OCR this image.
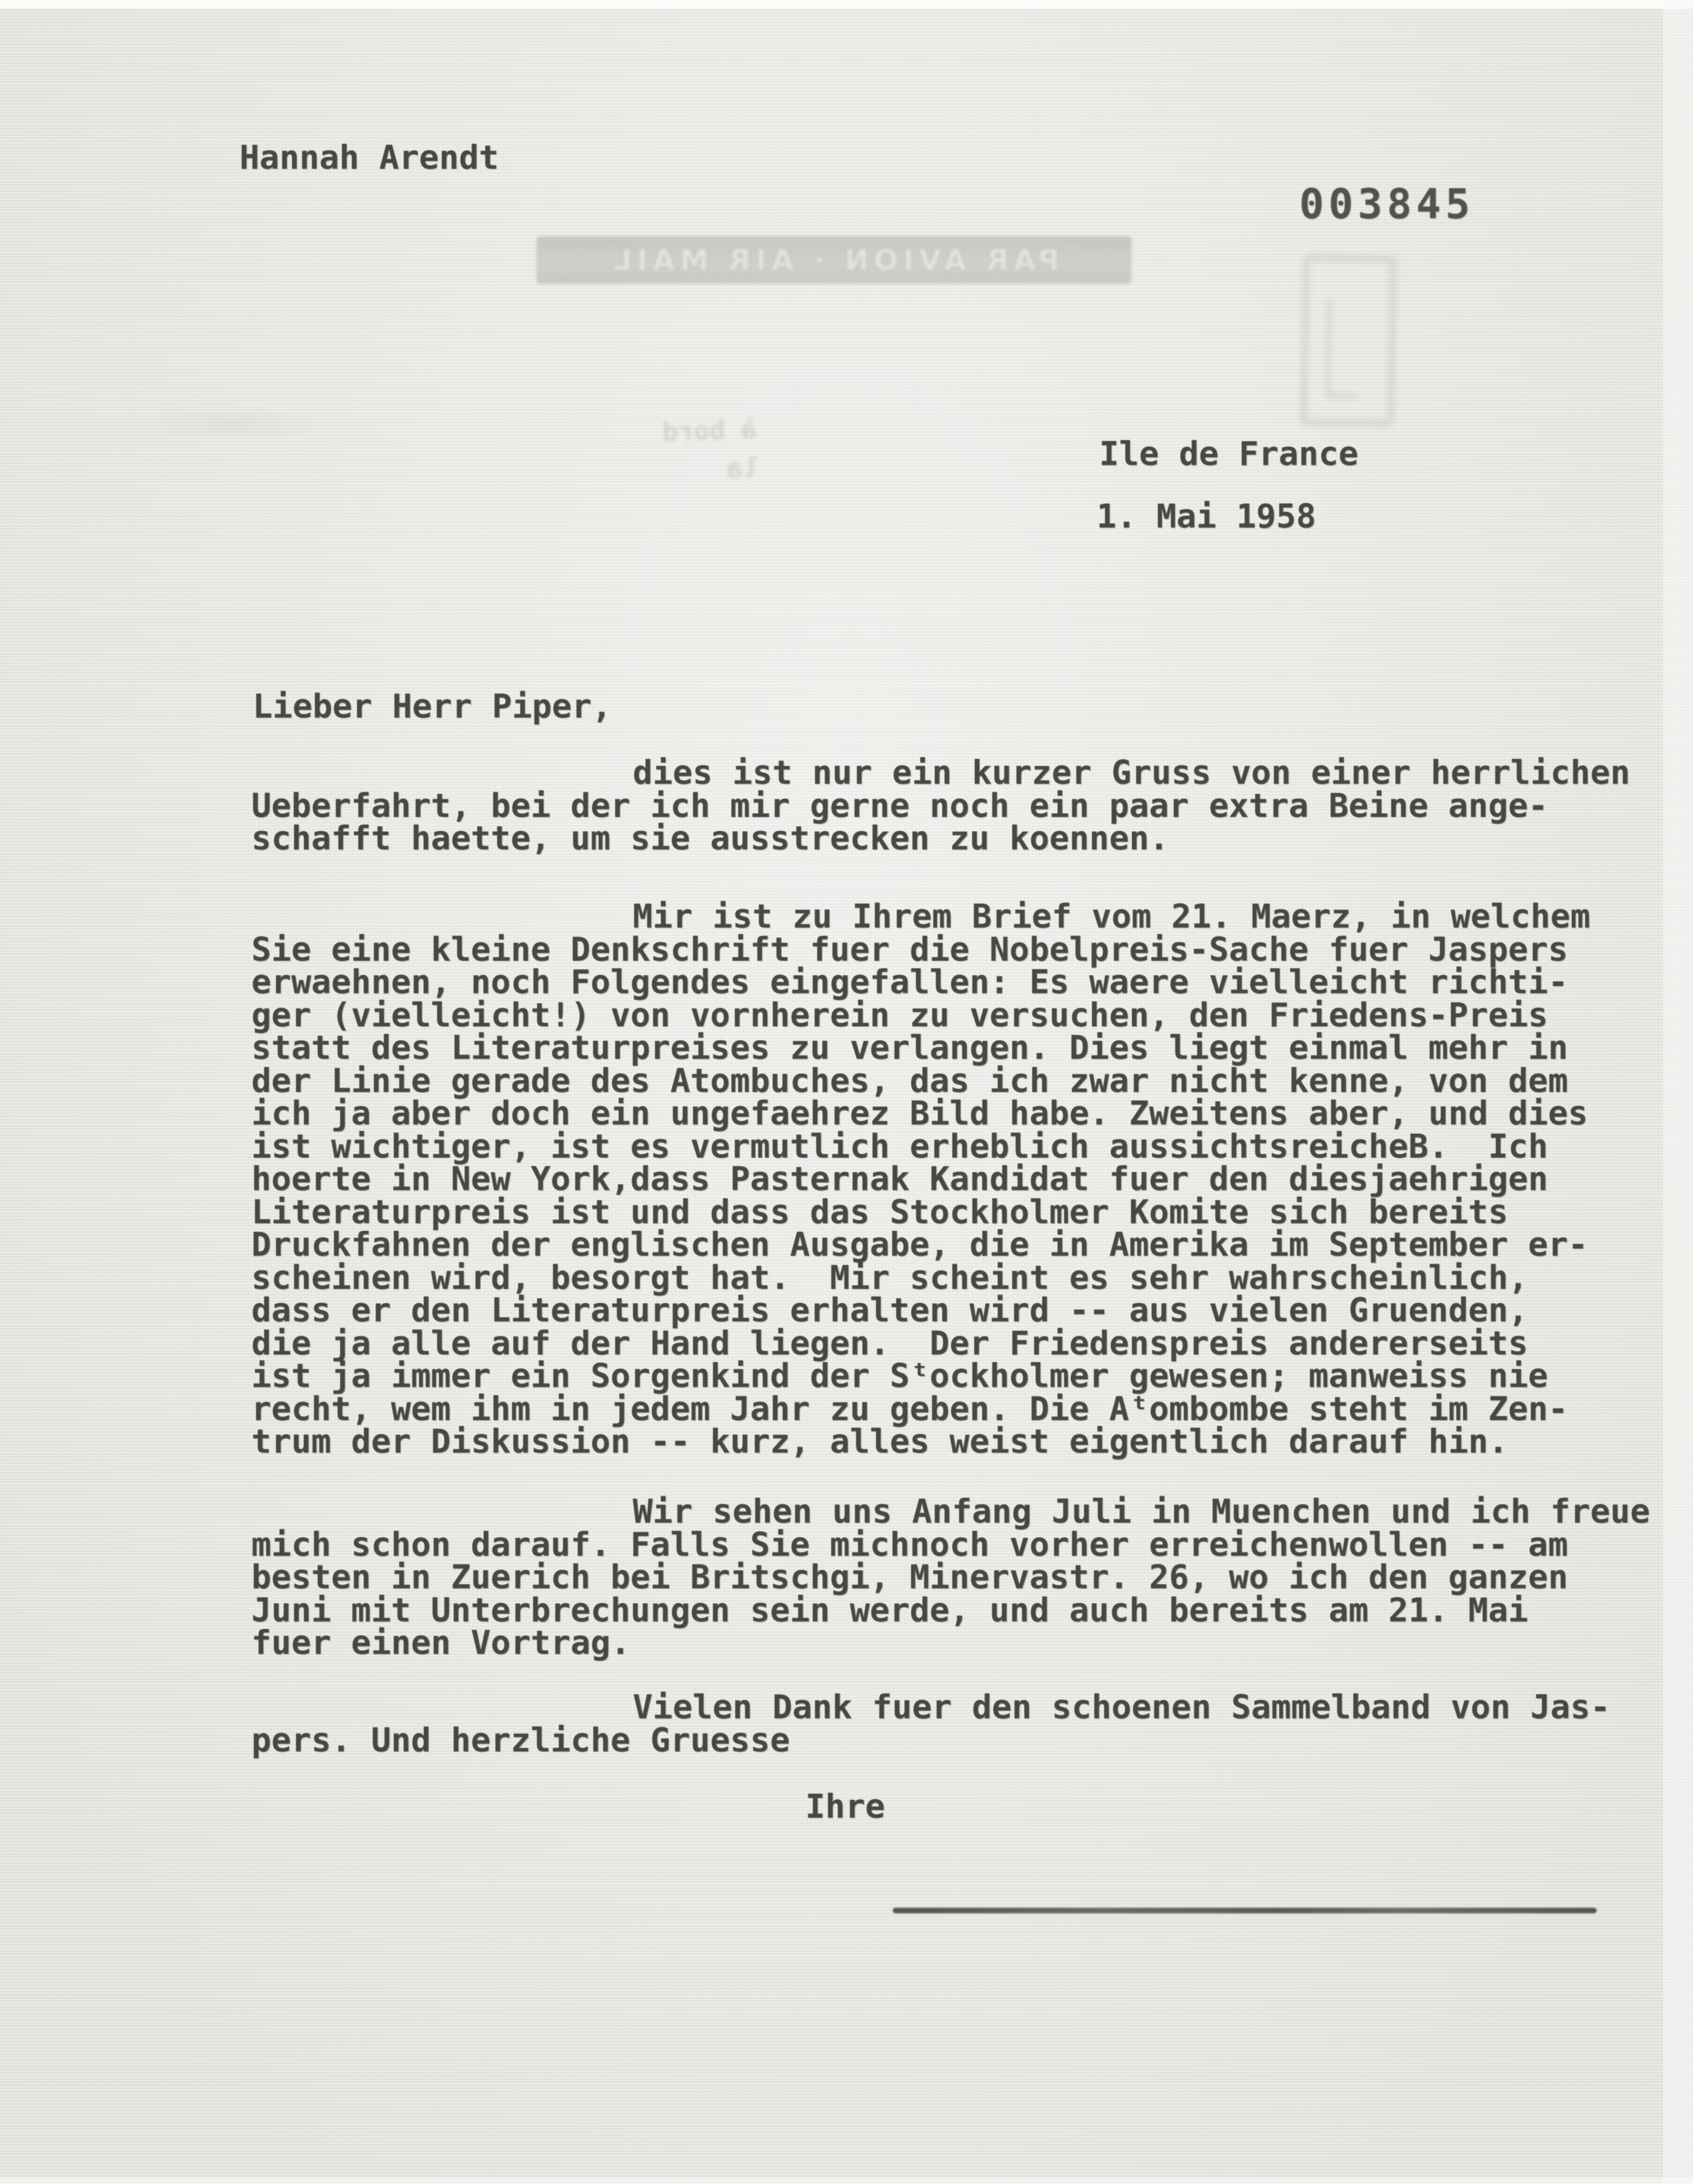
Hannah Arendt
003845
PAR AVION · AIR MAIL
à bord
la	Ile de France
1. Mai 1958
Lieber Herr Piper,
dies ist nur ein kurzer Gruss von einer herrlichen
Ueberfahrt, bei der ich mir gerne noch ein paar extra Beine ange-
schafft haette, um sie ausstrecken zu koennen.
Mir ist zu Ihrem Brief vom 21. Maerz, in welchem
Sie eine kleine Denkschrift fuer die Nobelpreis-Sache fuer Jaspers
erwaehnen, noch Folgendes eingefallen: Es waere vielleicht richti-
ger (vielleicht!) von vornherein zu versuchen, den Friedens-Preis
statt des Literaturpreises zu verlangen. Dies liegt einmal mehr in
der Linie gerade des Atombuches, das ich zwar nicht kenne, von dem
ich ja aber doch ein ungefaehrez Bild habe. Zweitens aber, und dies
ist wichtiger, ist es vermutlich erheblich aussichtsreicheB.  Ich
hoerte in New York,dass Pasternak Kandidat fuer den diesjaehrigen
Literaturpreis ist und dass das Stockholmer Komite sich bereits
Druckfahnen der englischen Ausgabe, die in Amerika im September er-
scheinen wird, besorgt hat.  Mir scheint es sehr wahrscheinlich,
dass er den Literaturpreis erhalten wird -- aus vielen Gruenden,
die ja alle auf der Hand liegen.  Der Friedenspreis andererseits
ist ja immer ein Sorgenkind der Sᵗockholmer gewesen; manweiss nie
recht, wem ihm in jedem Jahr zu geben. Die Aᵗombombe steht im Zen-
trum der Diskussion -- kurz, alles weist eigentlich darauf hin.
Wir sehen uns Anfang Juli in Muenchen und ich freue
mich schon darauf. Falls Sie michnoch vorher erreichenwollen -- am
besten in Zuerich bei Britschgi, Minervastr. 26, wo ich den ganzen
Juni mit Unterbrechungen sein werde, und auch bereits am 21. Mai
fuer einen Vortrag.
Vielen Dank fuer den schoenen Sammelband von Jas-
pers. Und herzliche Gruesse
Ihre
